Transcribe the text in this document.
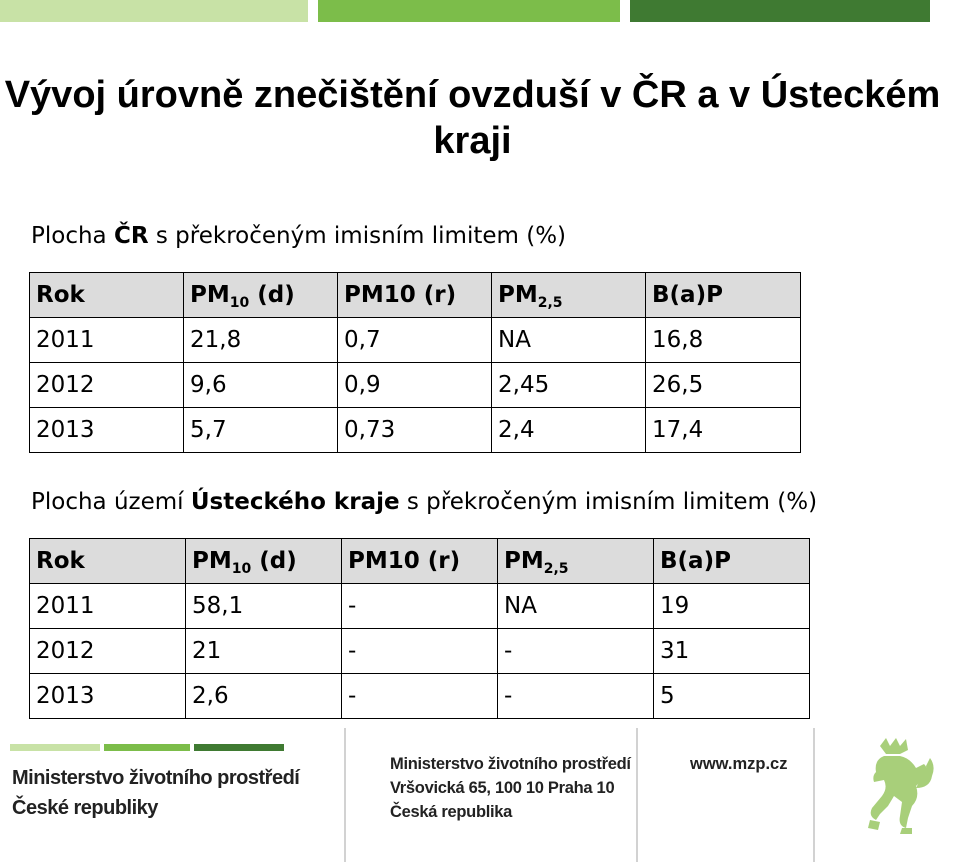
Vývoj úrovně znečištění ovzduší v ČR a v Ústeckém kraji
Plocha ČR s překročeným imisním limitem (%)
Rok	$PM_{10}$ (d)	PM10 (r)	$PM_{2,5}$	B(a)P
2011	21,8	0,7	NA	16,8
2012	9,6	0,9	2,45	26,5
2013	5,7	0,73	2,4	17,4
Plocha území Ústeckého kraje s překročeným imisním limitem (%)
Rok	$PM_{10}$ (d)	PM10 (r)	$PM_{2,5}$	B(a)P
2011	58,1	-	NA	19
2012	21	-	-	31
2013	2,6	-	-	5
Ministerstvo životního prostředí
České republiky
Ministerstvo životního prostředí
Vršovická 65, 100 10 Praha 10
Česká republika
www.mzp.cz
